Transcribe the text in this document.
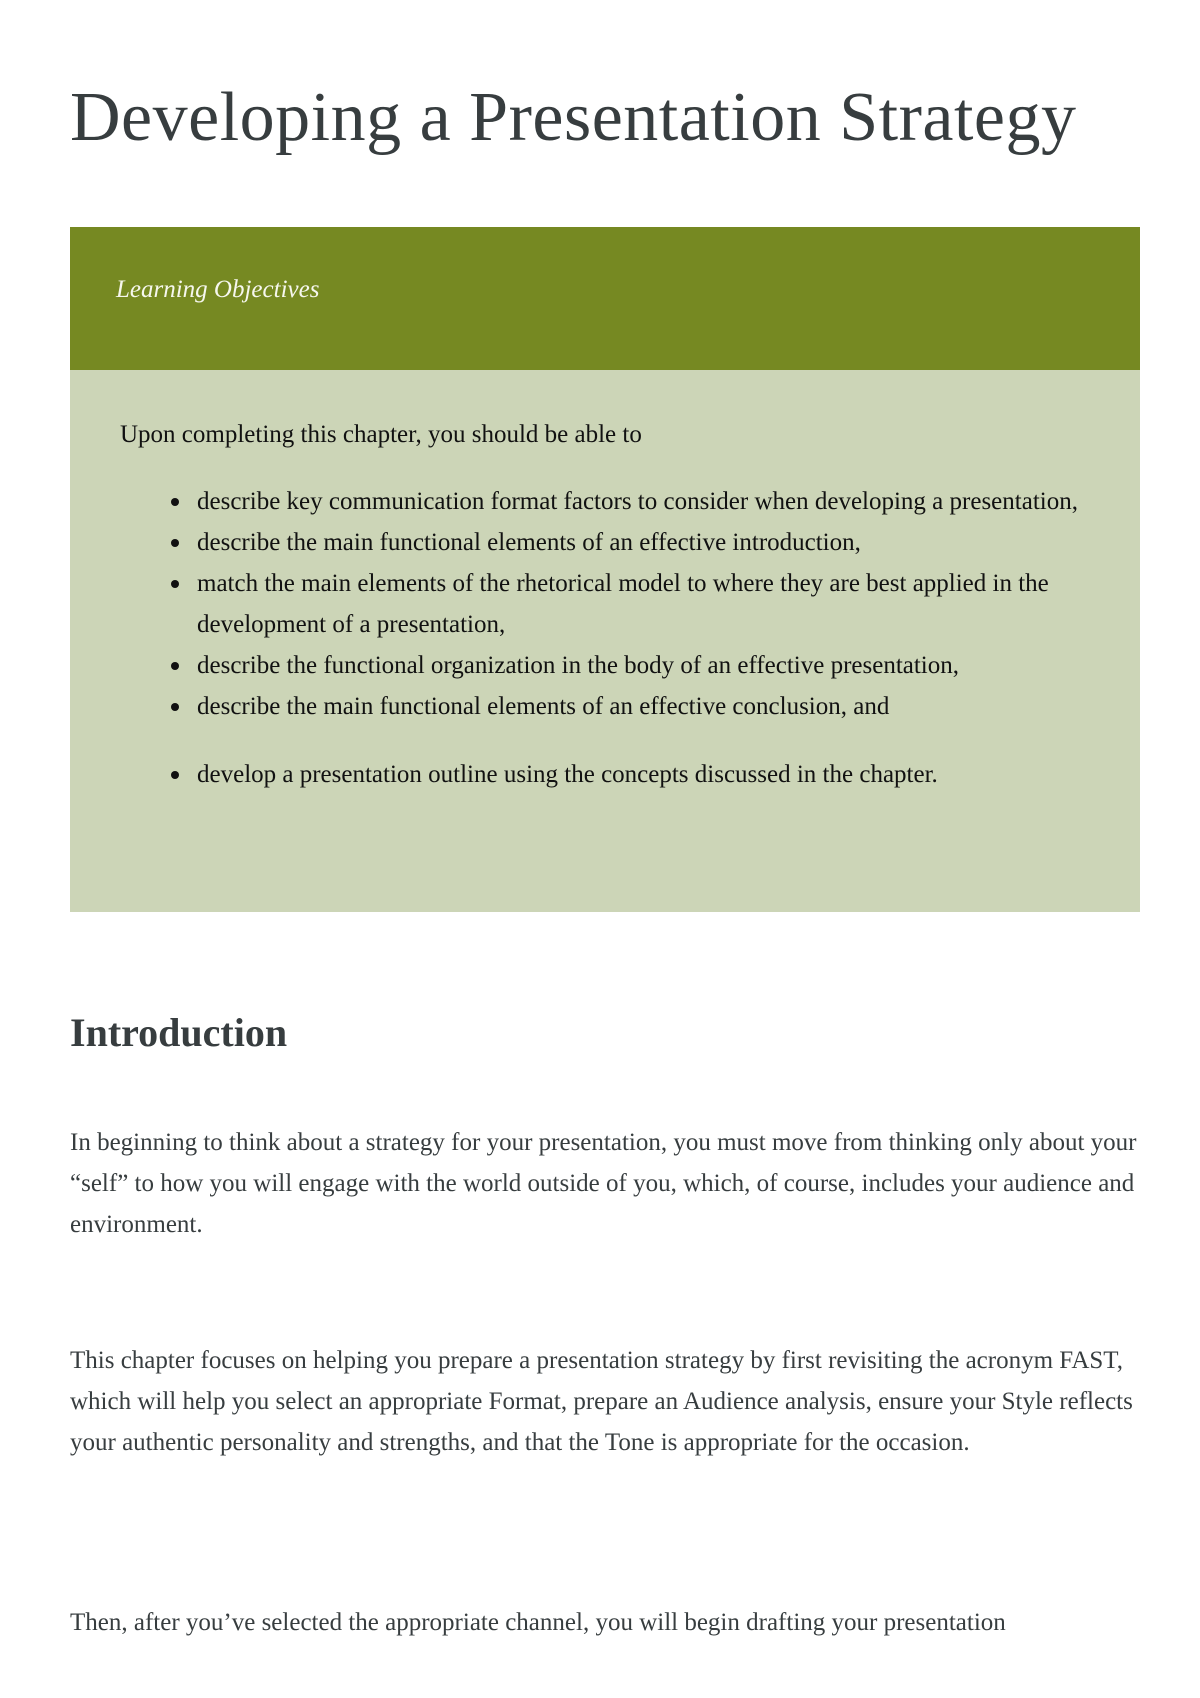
Developing a Presentation Strategy
Learning Objectives

Upon completing this chapter, you should be able to

describe key communication format factors to consider when developing a presentation,
describe the main functional elements of an effective introduction,
match the main elements of the rhetorical model to where they are best applied in the development of a presentation,
describe the functional organization in the body of an effective presentation,
describe the main functional elements of an effective conclusion, and
develop a presentation outline using the concepts discussed in the chapter.
Introduction

In beginning to think about a strategy for your presentation, you must move from thinking only about your “self” to how you will engage with the world outside of you, which, of course, includes your audience and environment.

This chapter focuses on helping you prepare a presentation strategy by first revisiting the acronym FAST, which will help you select an appropriate Format, prepare an Audience analysis, ensure your Style reflects your authentic personality and strengths, and that the Tone is appropriate for the occasion.

Then, after you’ve selected the appropriate channel, you will begin drafting your presentation
